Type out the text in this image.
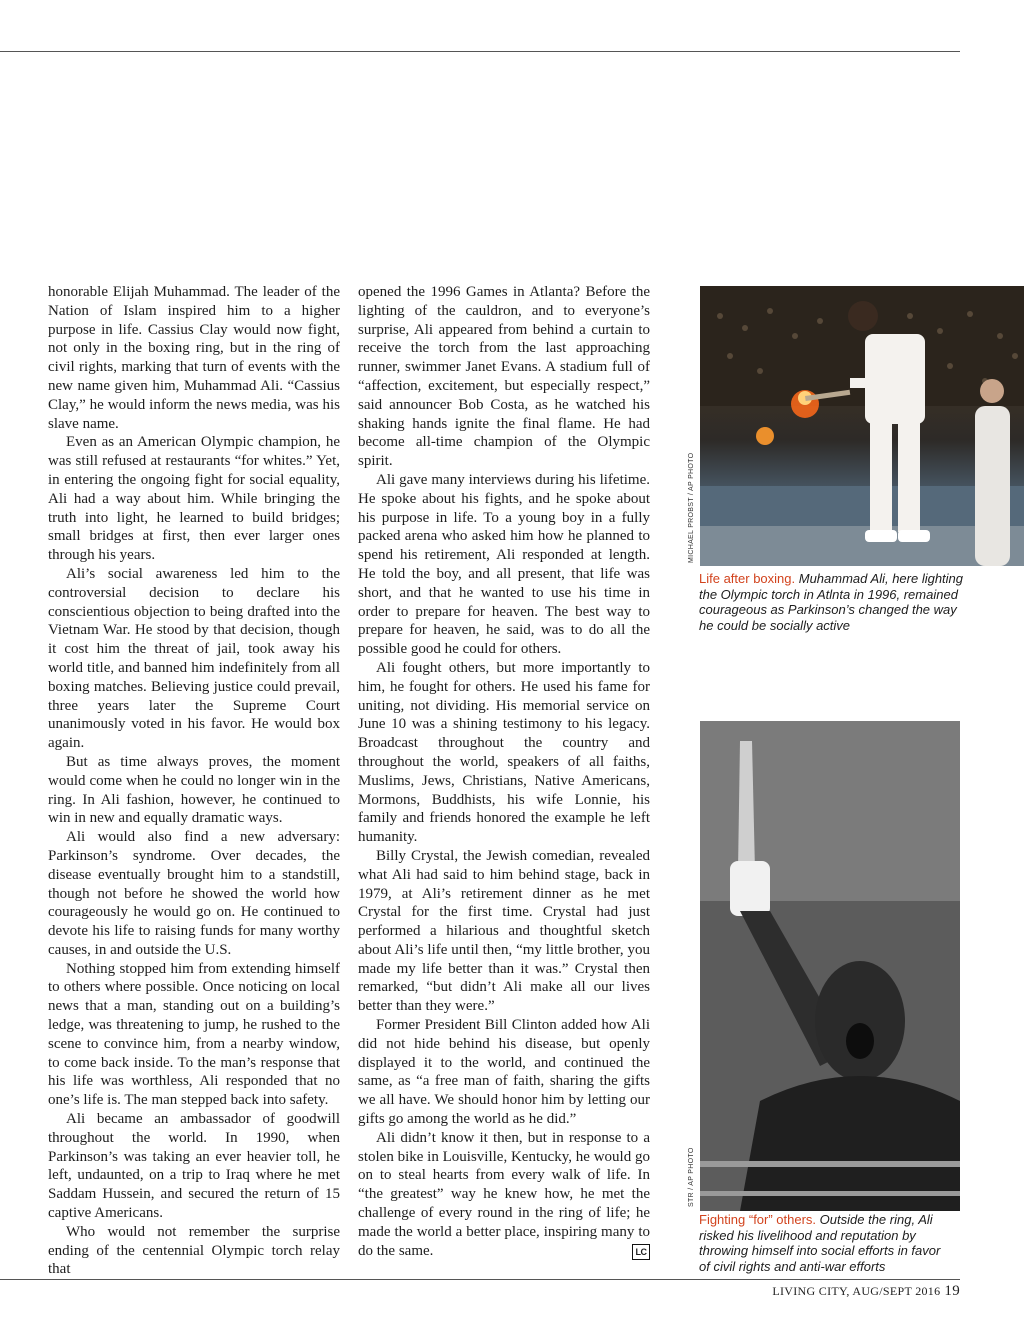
honorable Elijah Muhammad. The leader of the Nation of Islam inspired him to a higher purpose in life. Cassius Clay would now fight, not only in the boxing ring, but in the ring of civil rights, marking that turn of events with the new name given him, Muhammad Ali. “Cassius Clay,” he would inform the news media, was his slave name.

Even as an American Olympic champion, he was still refused at restaurants “for whites.” Yet, in entering the ongoing fight for social equality, Ali had a way about him. While bringing the truth into light, he learned to build bridges; small bridges at first, then ever larger ones through his years.

Ali’s social awareness led him to the controversial decision to declare his conscientious objection to being drafted into the Vietnam War. He stood by that decision, though it cost him the threat of jail, took away his world title, and banned him indefinitely from all boxing matches. Believing justice could prevail, three years later the Supreme Court unanimously voted in his favor. He would box again.

But as time always proves, the moment would come when he could no longer win in the ring. In Ali fashion, however, he continued to win in new and equally dramatic ways.

Ali would also find a new adversary: Parkinson’s syndrome. Over decades, the disease eventually brought him to a standstill, though not before he showed the world how courageously he would go on. He continued to devote his life to raising funds for many worthy causes, in and outside the U.S.

Nothing stopped him from extending himself to others where possible. Once noticing on local news that a man, standing out on a building’s ledge, was threatening to jump, he rushed to the scene to convince him, from a nearby window, to come back inside. To the man’s response that his life was worthless, Ali responded that no one’s life is. The man stepped back into safety.

Ali became an ambassador of goodwill throughout the world. In 1990, when Parkinson’s was taking an ever heavier toll, he left, undaunted, on a trip to Iraq where he met Saddam Hussein, and secured the return of 15 captive Americans.

Who would not remember the surprise ending of the centennial Olympic torch relay that

opened the 1996 Games in Atlanta? Before the lighting of the cauldron, and to everyone’s surprise, Ali appeared from behind a curtain to receive the torch from the last approaching runner, swimmer Janet Evans. A stadium full of “affection, excitement, but especially respect,” said announcer Bob Costa, as he watched his shaking hands ignite the final flame. He had become all-time champion of the Olympic spirit.

Ali gave many interviews during his lifetime. He spoke about his fights, and he spoke about his purpose in life. To a young boy in a fully packed arena who asked him how he planned to spend his retirement, Ali responded at length. He told the boy, and all present, that life was short, and that he wanted to use his time in order to prepare for heaven. The best way to prepare for heaven, he said, was to do all the possible good he could for others.

Ali fought others, but more importantly to him, he fought for others. He used his fame for uniting, not dividing. His memorial service on June 10 was a shining testimony to his legacy. Broadcast throughout the country and throughout the world, speakers of all faiths, Muslims, Jews, Christians, Native Americans, Mormons, Buddhists, his wife Lonnie, his family and friends honored the example he left humanity.

Billy Crystal, the Jewish comedian, revealed what Ali had said to him behind stage, back in 1979, at Ali’s retirement dinner as he met Crystal for the first time. Crystal had just performed a hilarious and thoughtful sketch about Ali’s life until then, “my little brother, you made my life better than it was.” Crystal then remarked, “but didn’t Ali make all our lives better than they were.”

Former President Bill Clinton added how Ali did not hide behind his disease, but openly displayed it to the world, and continued the same, as “a free man of faith, sharing the gifts we all have. We should honor him by letting our gifts go among the world as he did.”

Ali didn’t know it then, but in response to a stolen bike in Louisville, Kentucky, he would go on to steal hearts from every walk of life. In “the greatest” way he knew how, he met the challenge of every round in the ring of life; he made the world a better place, inspiring many to do the same.	LC

MICHAEL PROBST / AP PHOTO
Life after boxing. Muhammad Ali, here lighting the Olympic torch in Atlnta in 1996, remained courageous as Parkinson’s changed the way he could be socially active
STR / AP PHOTO
Fighting “for” others. Outside the ring, Ali risked his livelihood and reputation by throwing himself into social efforts in favor of civil rights and anti-war efforts
LIVING CITY, AUG/SEPT 2016 19
